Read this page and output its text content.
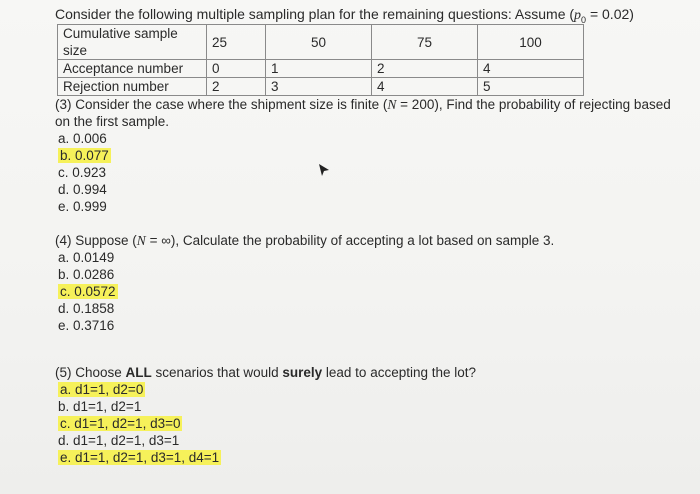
Consider the following multiple sampling plan for the remaining questions: Assume $(p_0 = 0.02)$
Cumulative sample size	25	50	75	100
Acceptance number	0	1	2	4
Rejection number	2	3	4	5
(3) Consider the case where the shipment size is finite (N = 200), Find the probability of rejecting based on the first sample.
a. 0.006
b. 0.077
c. 0.923
d. 0.994
e. 0.999
(4) Suppose (N = ∞), Calculate the probability of accepting a lot based on sample 3.
a. 0.0149
b. 0.0286
c. 0.0572
d. 0.1858
e. 0.3716
(5) Choose ALL scenarios that would surely lead to accepting the lot?
a. d1=1, d2=0
b. d1=1, d2=1
c. d1=1, d2=1, d3=0
d. d1=1, d2=1, d3=1
e. d1=1, d2=1, d3=1, d4=1
